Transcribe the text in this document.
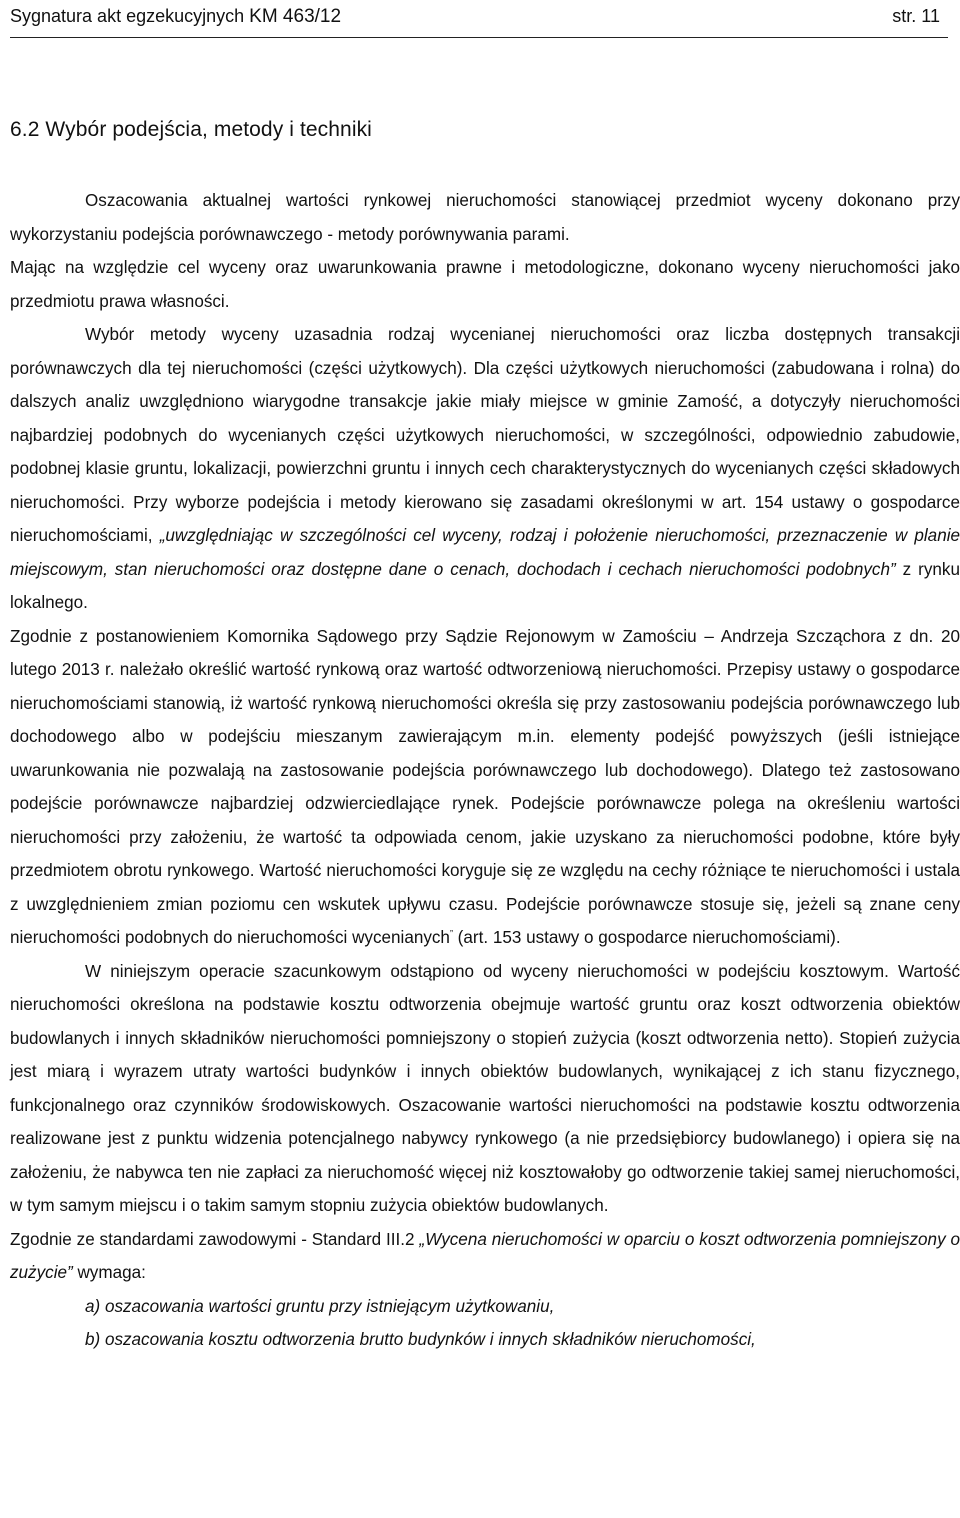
Sygnatura akt egzekucyjnych KM 463/12	str. 11
6.2 Wybór podejścia, metody i techniki

Oszacowania aktualnej wartości rynkowej nieruchomości stanowiącej przedmiot wyceny dokonano przy wykorzystaniu podejścia porównawczego - metody porównywania parami.

Mając na względzie cel wyceny oraz uwarunkowania prawne i metodologiczne, dokonano wyceny nieruchomości jako przedmiotu prawa własności.

Wybór metody wyceny uzasadnia rodzaj wycenianej nieruchomości oraz liczba dostępnych transakcji porównawczych dla tej nieruchomości (części użytkowych). Dla części użytkowych nieruchomości (zabudowana i rolna) do dalszych analiz uwzględniono wiarygodne transakcje jakie miały miejsce w gminie Zamość, a dotyczyły nieruchomości najbardziej podobnych do wycenianych części użytkowych nieruchomości, w szczególności, odpowiednio zabudowie, podobnej klasie gruntu, lokalizacji, powierzchni gruntu i innych cech charakterystycznych do wycenianych części składowych nieruchomości. Przy wyborze podejścia i metody kierowano się zasadami określonymi w art. 154 ustawy o gospodarce nieruchomościami, „uwzględniając w szczególności cel wyceny, rodzaj i położenie nieruchomości, przeznaczenie w planie miejscowym, stan nieruchomości oraz dostępne dane o cenach, dochodach i cechach nieruchomości podobnych” z rynku lokalnego.

Zgodnie z postanowieniem Komornika Sądowego przy Sądzie Rejonowym w Zamościu – Andrzeja Szcząchora z dn. 20 lutego 2013 r. należało określić wartość rynkową oraz wartość odtworzeniową nieruchomości. Przepisy ustawy o gospodarce nieruchomościami stanowią, iż wartość rynkową nieruchomości określa się przy zastosowaniu podejścia porównawczego lub dochodowego albo w podejściu mieszanym zawierającym m.in. elementy podejść powyższych (jeśli istniejące uwarunkowania nie pozwalają na zastosowanie podejścia porównawczego lub dochodowego). Dlatego też zastosowano podejście porównawcze najbardziej odzwierciedlające rynek. Podejście porównawcze polega na określeniu wartości nieruchomości przy założeniu, że wartość ta odpowiada cenom, jakie uzyskano za nieruchomości podobne, które były przedmiotem obrotu rynkowego. Wartość nieruchomości koryguje się ze względu na cechy różniące te nieruchomości i ustala z uwzględnieniem zmian poziomu cen wskutek upływu czasu. Podejście porównawcze stosuje się, jeżeli są znane ceny nieruchomości podobnych do nieruchomości wycenianych” (art. 153 ustawy o gospodarce nieruchomościami).

W niniejszym operacie szacunkowym odstąpiono od wyceny nieruchomości w podejściu kosztowym. Wartość nieruchomości określona na podstawie kosztu odtworzenia obejmuje wartość gruntu oraz koszt odtworzenia obiektów budowlanych i innych składników nieruchomości pomniejszony o stopień zużycia (koszt odtworzenia netto). Stopień zużycia jest miarą i wyrazem utraty wartości budynków i innych obiektów budowlanych, wynikającej z ich stanu fizycznego, funkcjonalnego oraz czynników środowiskowych. Oszacowanie wartości nieruchomości na podstawie kosztu odtworzenia realizowane jest z punktu widzenia potencjalnego nabywcy rynkowego (a nie przedsiębiorcy budowlanego) i opiera się na założeniu, że nabywca ten nie zapłaci za nieruchomość więcej niż kosztowałoby go odtworzenie takiej samej nieruchomości, w tym samym miejscu i o takim samym stopniu zużycia obiektów budowlanych.

Zgodnie ze standardami zawodowymi - Standard III.2 „Wycena nieruchomości w oparciu o koszt odtworzenia pomniejszony o zużycie” wymaga:

a) oszacowania wartości gruntu przy istniejącym użytkowaniu,
b) oszacowania kosztu odtworzenia brutto budynków i innych składników nieruchomości,
